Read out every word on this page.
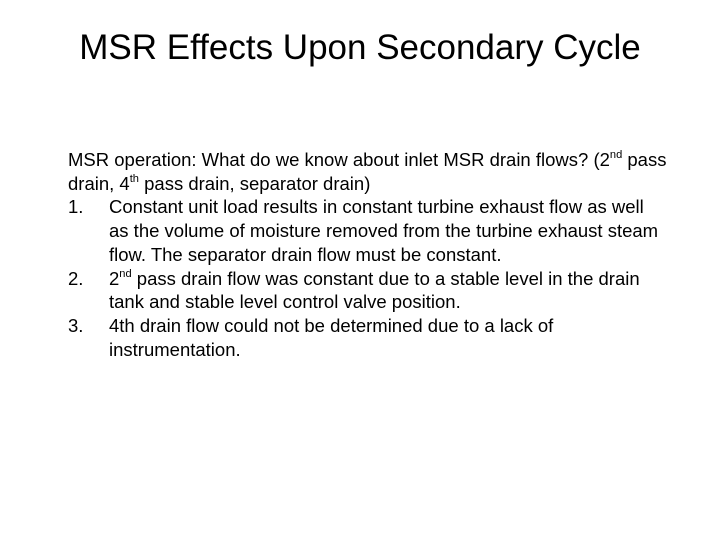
MSR Effects Upon Secondary Cycle

MSR operation: What do we know about inlet MSR drain flows? (2nd pass drain, 4th pass drain, separator drain)

1. Constant unit load results in constant turbine exhaust flow as well as the volume of moisture removed from the turbine exhaust steam flow. The separator drain flow must be constant.
2. 2nd pass drain flow was constant due to a stable level in the drain tank and stable level control valve position.
3. 4th drain flow could not be determined due to a lack of instrumentation.
